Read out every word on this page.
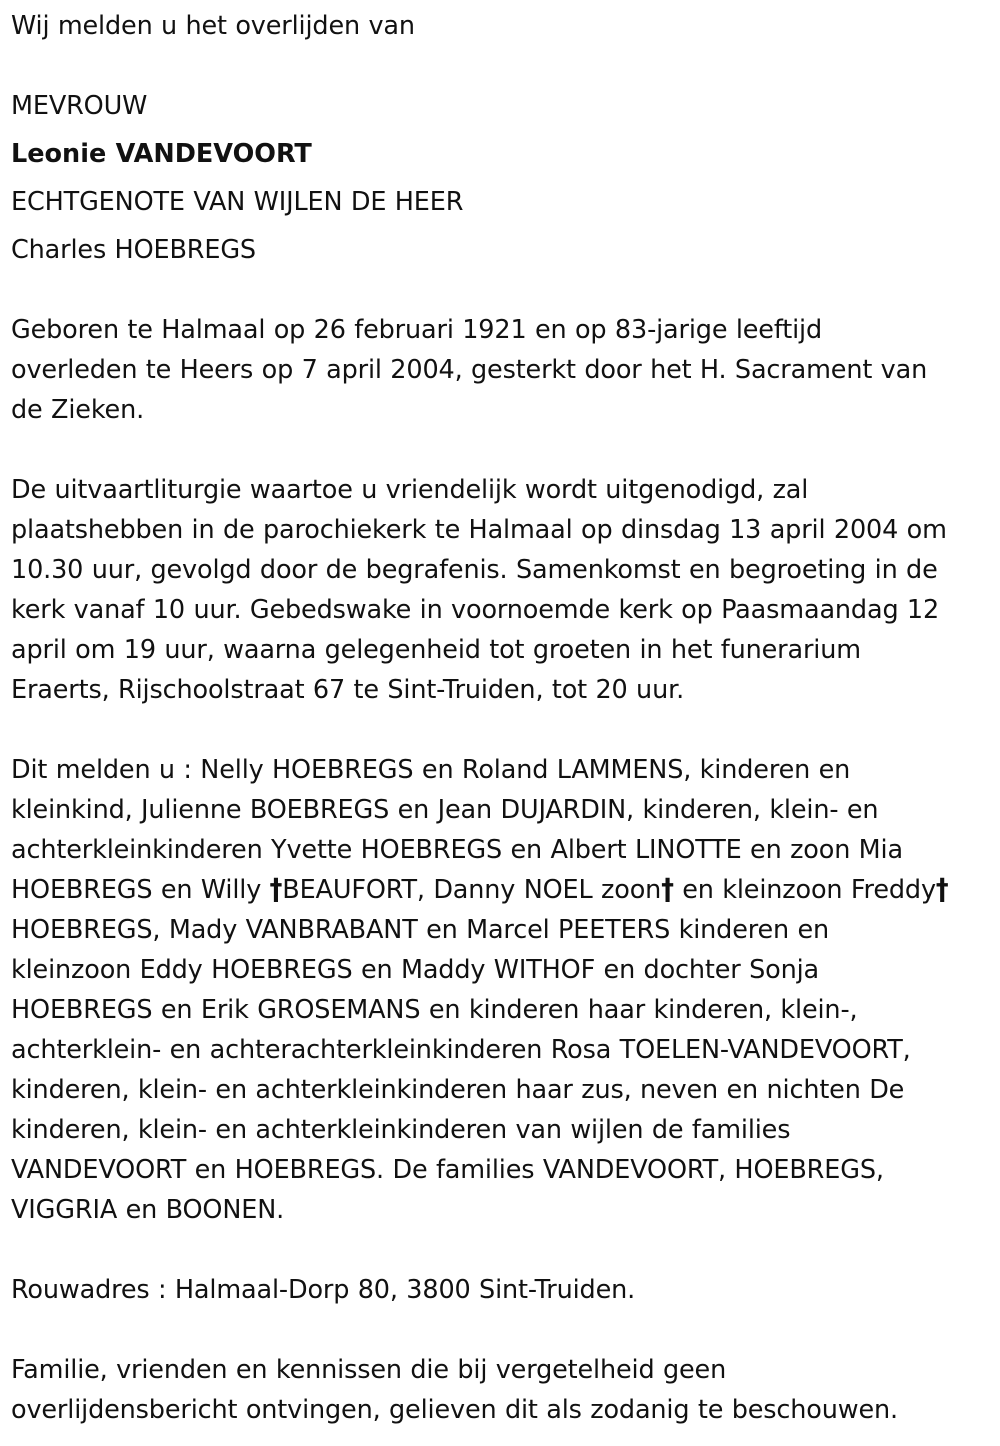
Wij melden u het overlijden van
MEVROUW
Leonie VANDEVOORT
ECHTGENOTE VAN WIJLEN DE HEER
Charles HOEBREGS
Geboren te Halmaal op 26 februari 1921 en op 83-jarige leeftijd
overleden te Heers op 7 april 2004, gesterkt door het H. Sacrament van
de Zieken.
De uitvaartliturgie waartoe u vriendelijk wordt uitgenodigd, zal
plaatshebben in de parochiekerk te Halmaal op dinsdag 13 april 2004 om
10.30 uur, gevolgd door de begrafenis. Samenkomst en begroeting in de
kerk vanaf 10 uur. Gebedswake in voornoemde kerk op Paasmaandag 12
april om 19 uur, waarna gelegenheid tot groeten in het funerarium
Eraerts, Rijschoolstraat 67 te Sint-Truiden, tot 20 uur.
Dit melden u : Nelly HOEBREGS en Roland LAMMENS, kinderen en
kleinkind, Julienne BOEBREGS en Jean DUJARDIN, kinderen, klein- en
achterkleinkinderen Yvette HOEBREGS en Albert LINOTTE en zoon Mia
HOEBREGS en Willy †BEAUFORT, Danny NOEL zoon† en kleinzoon Freddy†
HOEBREGS, Mady VANBRABANT en Marcel PEETERS kinderen en
kleinzoon Eddy HOEBREGS en Maddy WITHOF en dochter Sonja
HOEBREGS en Erik GROSEMANS en kinderen haar kinderen, klein-,
achterklein- en achterachterkleinkinderen Rosa TOELEN-VANDEVOORT,
kinderen, klein- en achterkleinkinderen haar zus, neven en nichten De
kinderen, klein- en achterkleinkinderen van wijlen de families
VANDEVOORT en HOEBREGS. De families VANDEVOORT, HOEBREGS,
VIGGRIA en BOONEN.
Rouwadres : Halmaal-Dorp 80, 3800 Sint-Truiden.
Familie, vrienden en kennissen die bij vergetelheid geen
overlijdensbericht ontvingen, gelieven dit als zodanig te beschouwen.
